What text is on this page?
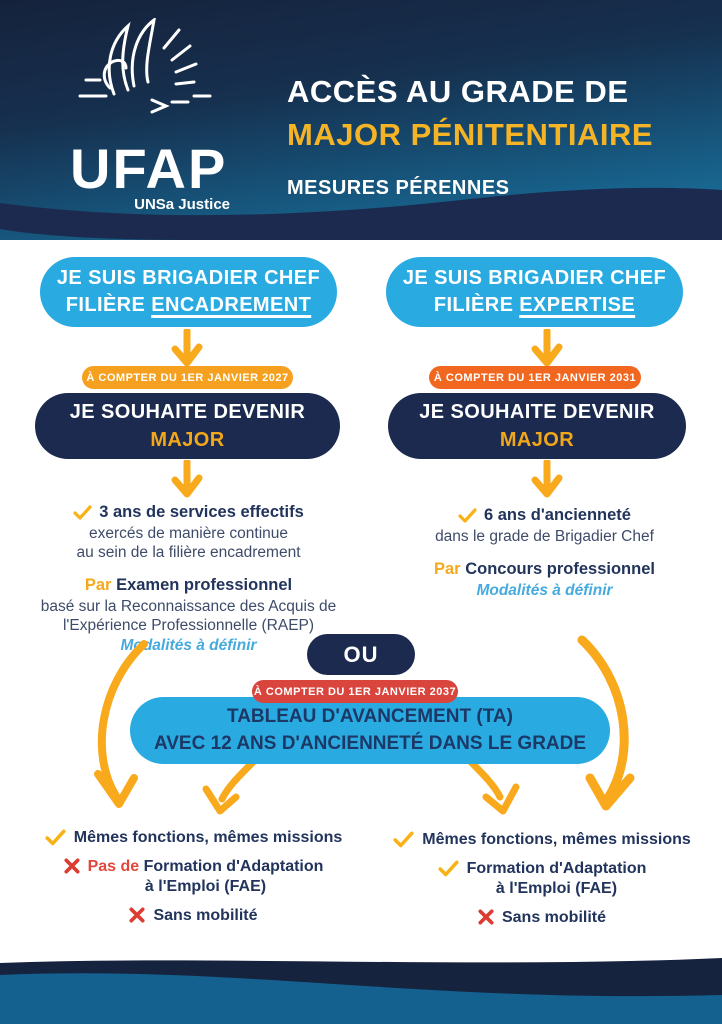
UFAP
UNSa Justice
ACCÈS AU GRADE DE
MAJOR PÉNITENTIAIRE
MESURES PÉRENNES
JE SUIS BRIGADIER CHEF
FILIÈRE ENCADREMENT
JE SUIS BRIGADIER CHEF
FILIÈRE EXPERTISE
À COMPTER DU 1ER JANVIER 2027	À COMPTER DU 1ER JANVIER 2031
JE SOUHAITE DEVENIR
MAJOR
JE SOUHAITE DEVENIR
MAJOR
3 ans de services effectifs
exercés de manière continue
au sein de la filière encadrement
Par Examen professionnel
basé sur la Reconnaissance des Acquis de
l'Expérience Professionnelle (RAEP)
Modalités à définir
6 ans d'ancienneté
dans le grade de Brigadier Chef
Par Concours professionnel
Modalités à définir
OU
À COMPTER DU 1ER JANVIER 2037
TABLEAU D'AVANCEMENT (TA)
AVEC 12 ANS D'ANCIENNETÉ DANS LE GRADE
Mêmes fonctions, mêmes missions
Pas de Formation d'Adaptation
à l'Emploi (FAE)
Sans mobilité
Mêmes fonctions, mêmes missions
Formation d'Adaptation
à l'Emploi (FAE)
Sans mobilité
